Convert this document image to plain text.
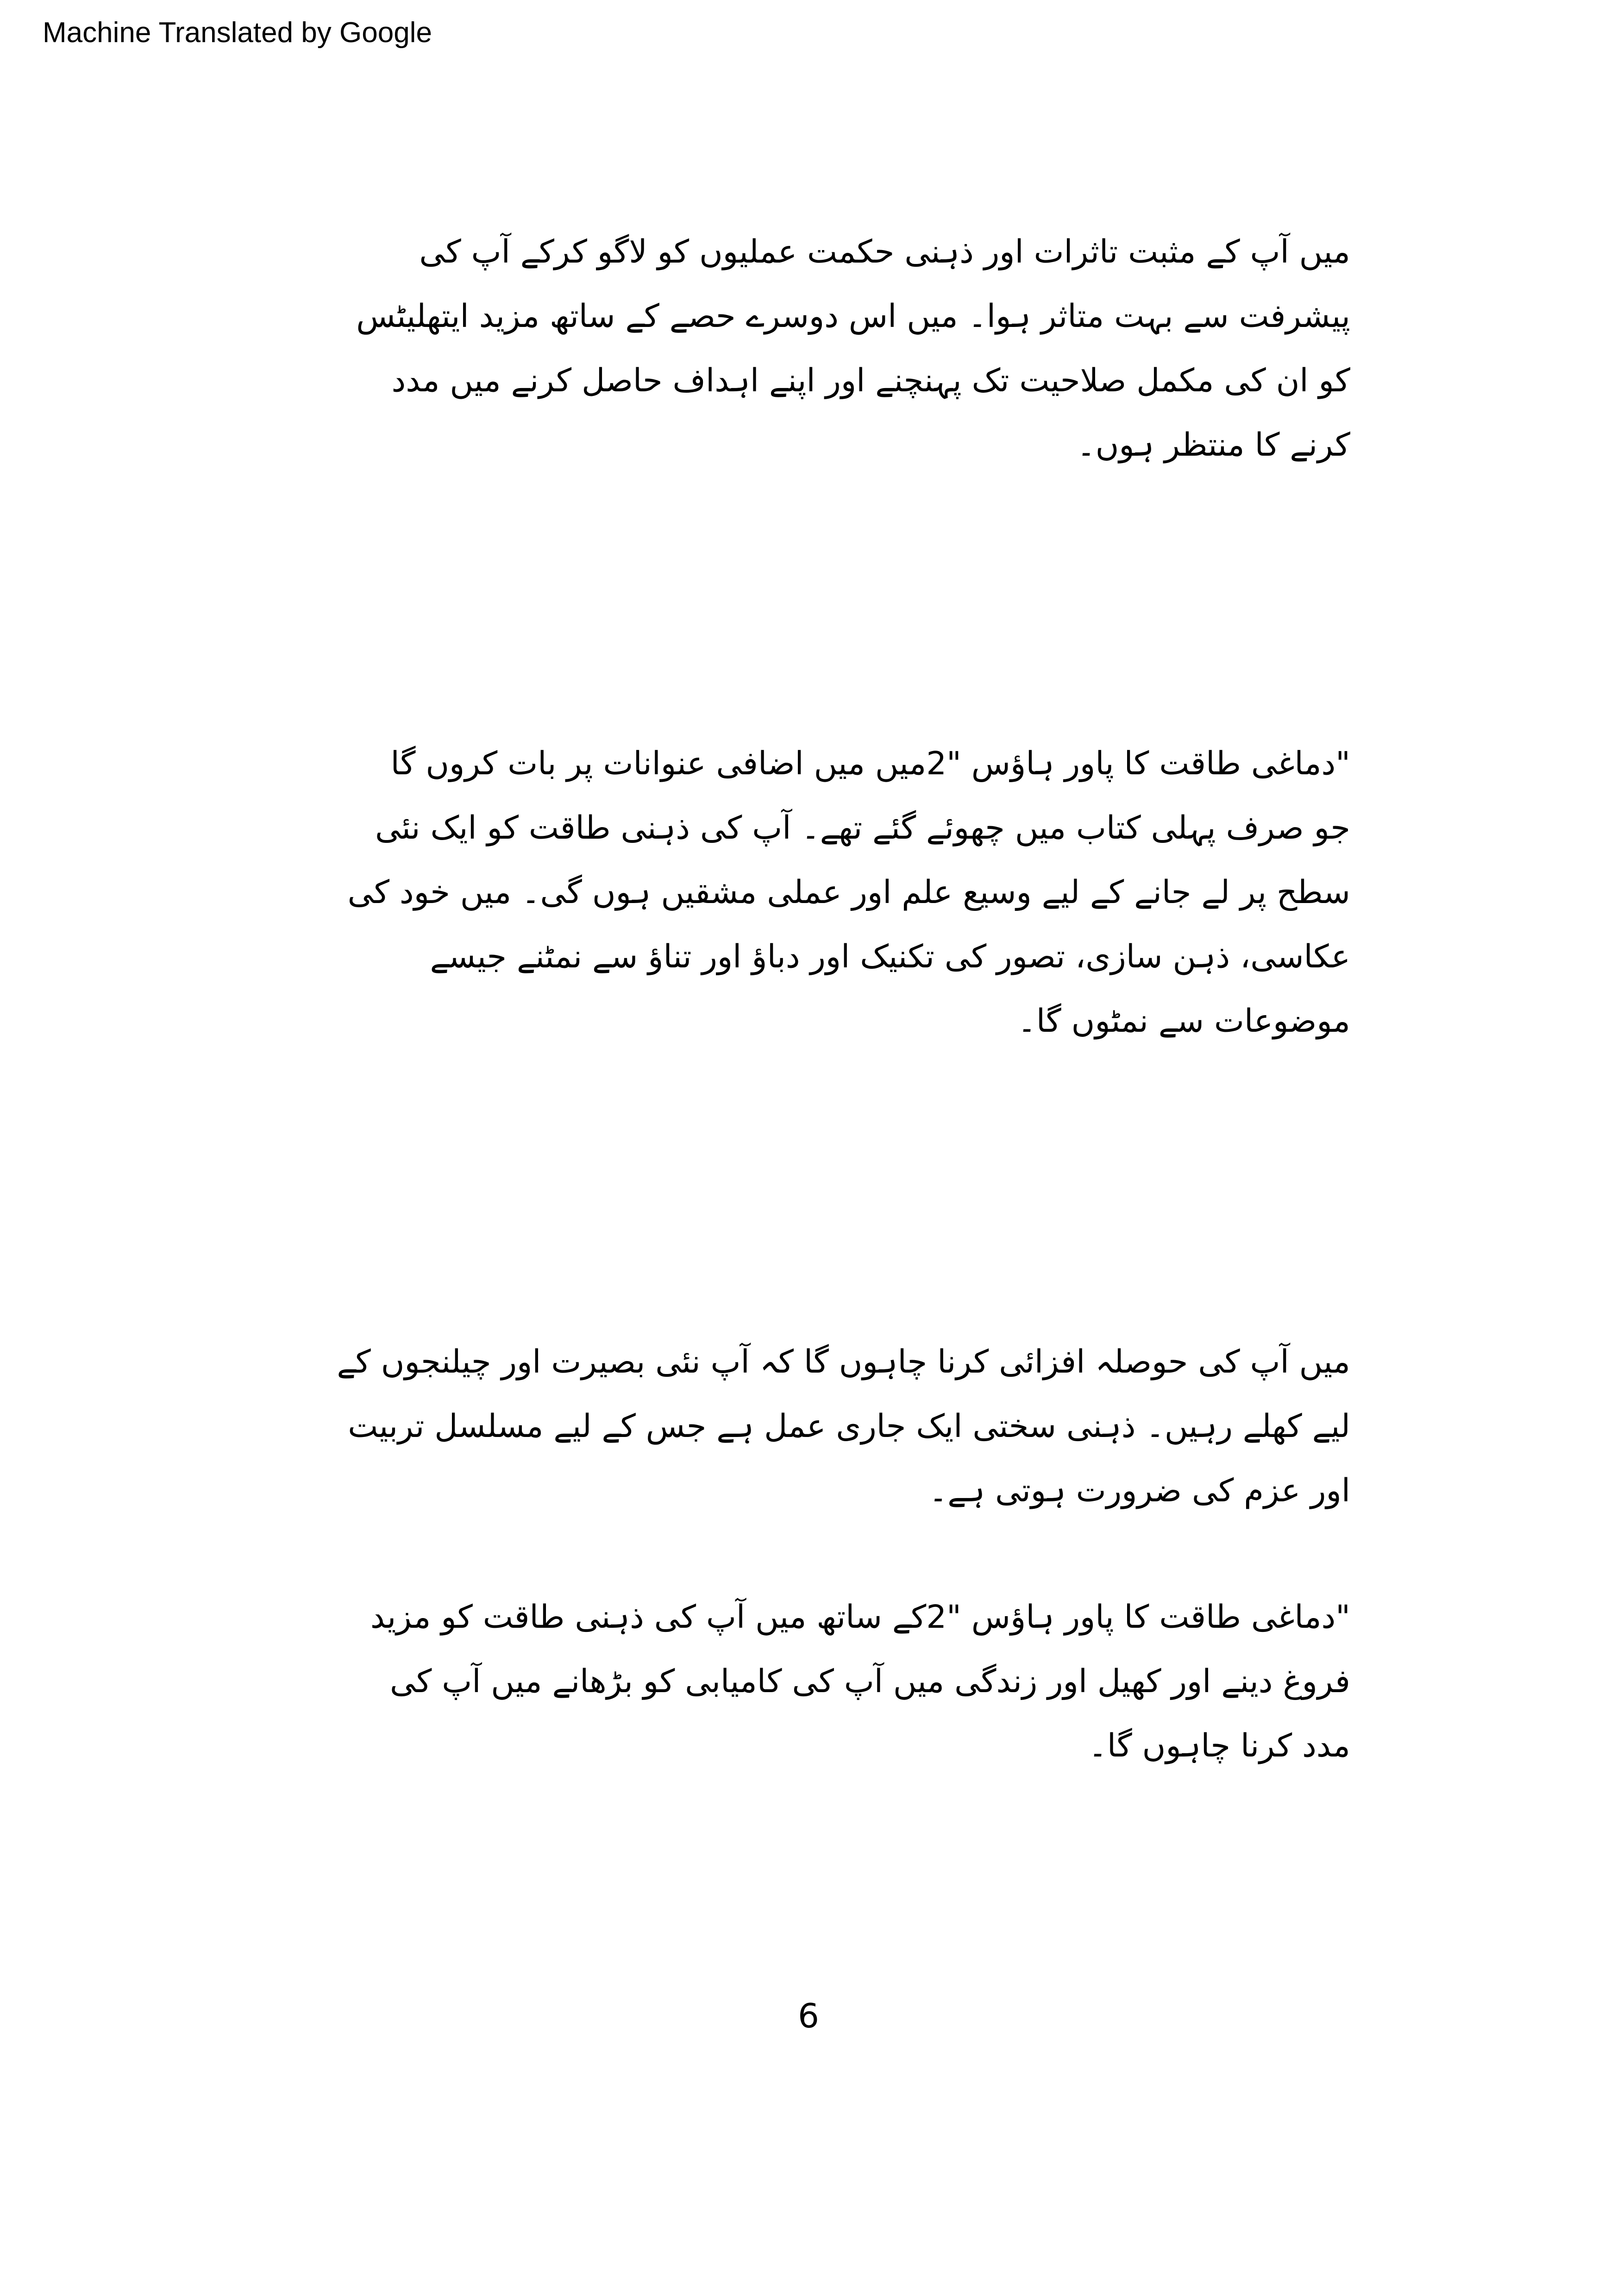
Machine Translated by Google
میں آپ کے مثبت تاثرات اور ذہنی حکمت عملیوں کو لاگو کرکے آپ کی
پیشرفت سے بہت متاثر ہوا۔ میں اس دوسرے حصے کے ساتھ مزید ایتھلیٹس
کو ان کی مکمل صلاحیت تک پہنچنے اور اپنے اہداف حاصل کرنے میں مدد
کرنے کا منتظر ہوں۔
"دماغی طاقت کا پاور ہاؤس "2میں میں اضافی عنوانات پر بات کروں گا
جو صرف پہلی کتاب میں چھوئے گئے تھے۔ آپ کی ذہنی طاقت کو ایک نئی
سطح پر لے جانے کے لیے وسیع علم اور عملی مشقیں ہوں گی۔ میں خود کی
عکاسی، ذہن سازی، تصور کی تکنیک اور دباؤ اور تناؤ سے نمٹنے جیسے
موضوعات سے نمٹوں گا۔
میں آپ کی حوصلہ افزائی کرنا چاہوں گا کہ آپ نئی بصیرت اور چیلنجوں کے
لیے کھلے رہیں۔ ذہنی سختی ایک جاری عمل ہے جس کے لیے مسلسل تربیت
اور عزم کی ضرورت ہوتی ہے۔
"دماغی طاقت کا پاور ہاؤس "2کے ساتھ میں آپ کی ذہنی طاقت کو مزید
فروغ دینے اور کھیل اور زندگی میں آپ کی کامیابی کو بڑھانے میں آپ کی
مدد کرنا چاہوں گا۔
6
